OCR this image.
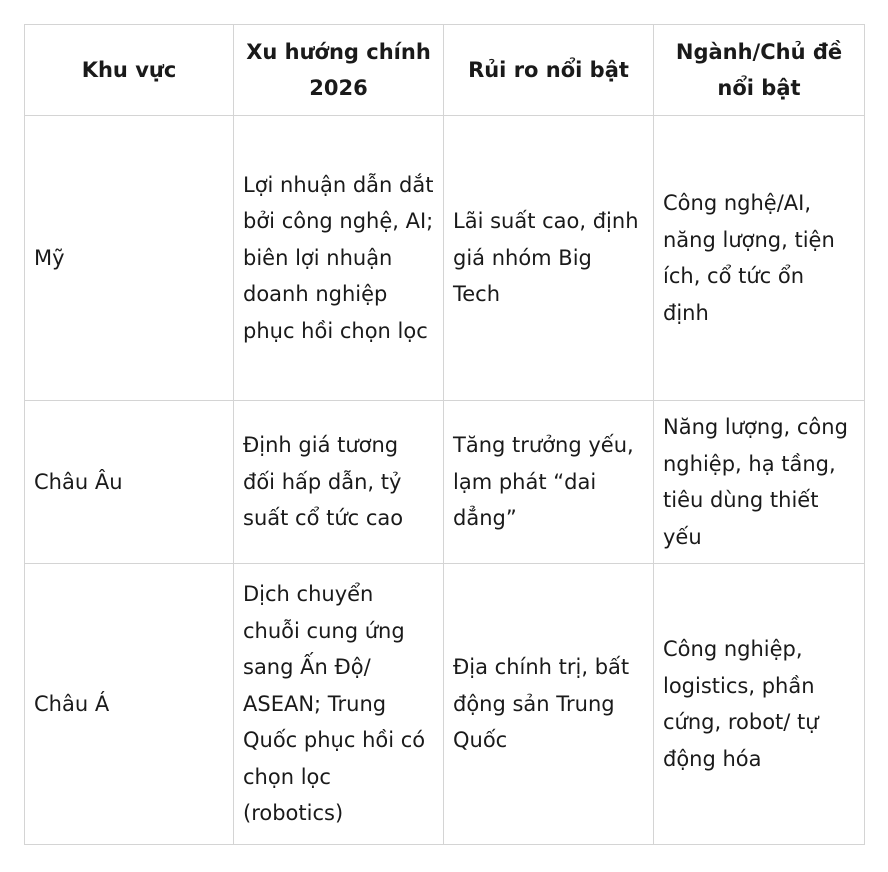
Khu vực	Xu hướng chính 2026	Rủi ro nổi bật	Ngành/Chủ đề nổi bật
Mỹ	Lợi nhuận dẫn dắt bởi công nghệ, AI; biên lợi nhuận doanh nghiệp phục hồi chọn lọc	Lãi suất cao, định giá nhóm Big Tech	Công nghệ/AI, năng lượng, tiện ích, cổ tức ổn định
Châu Âu	Định giá tương đối hấp dẫn, tỷ suất cổ tức cao	Tăng trưởng yếu, lạm phát “dai dẳng”	Năng lượng, công nghiệp, hạ tầng, tiêu dùng thiết yếu
Châu Á	Dịch chuyển chuỗi cung ứng sang Ấn Độ/ ASEAN; Trung Quốc phục hồi có chọn lọc (robotics)	Địa chính trị, bất động sản Trung Quốc	Công nghiệp, logistics, phần cứng, robot/ tự động hóa
